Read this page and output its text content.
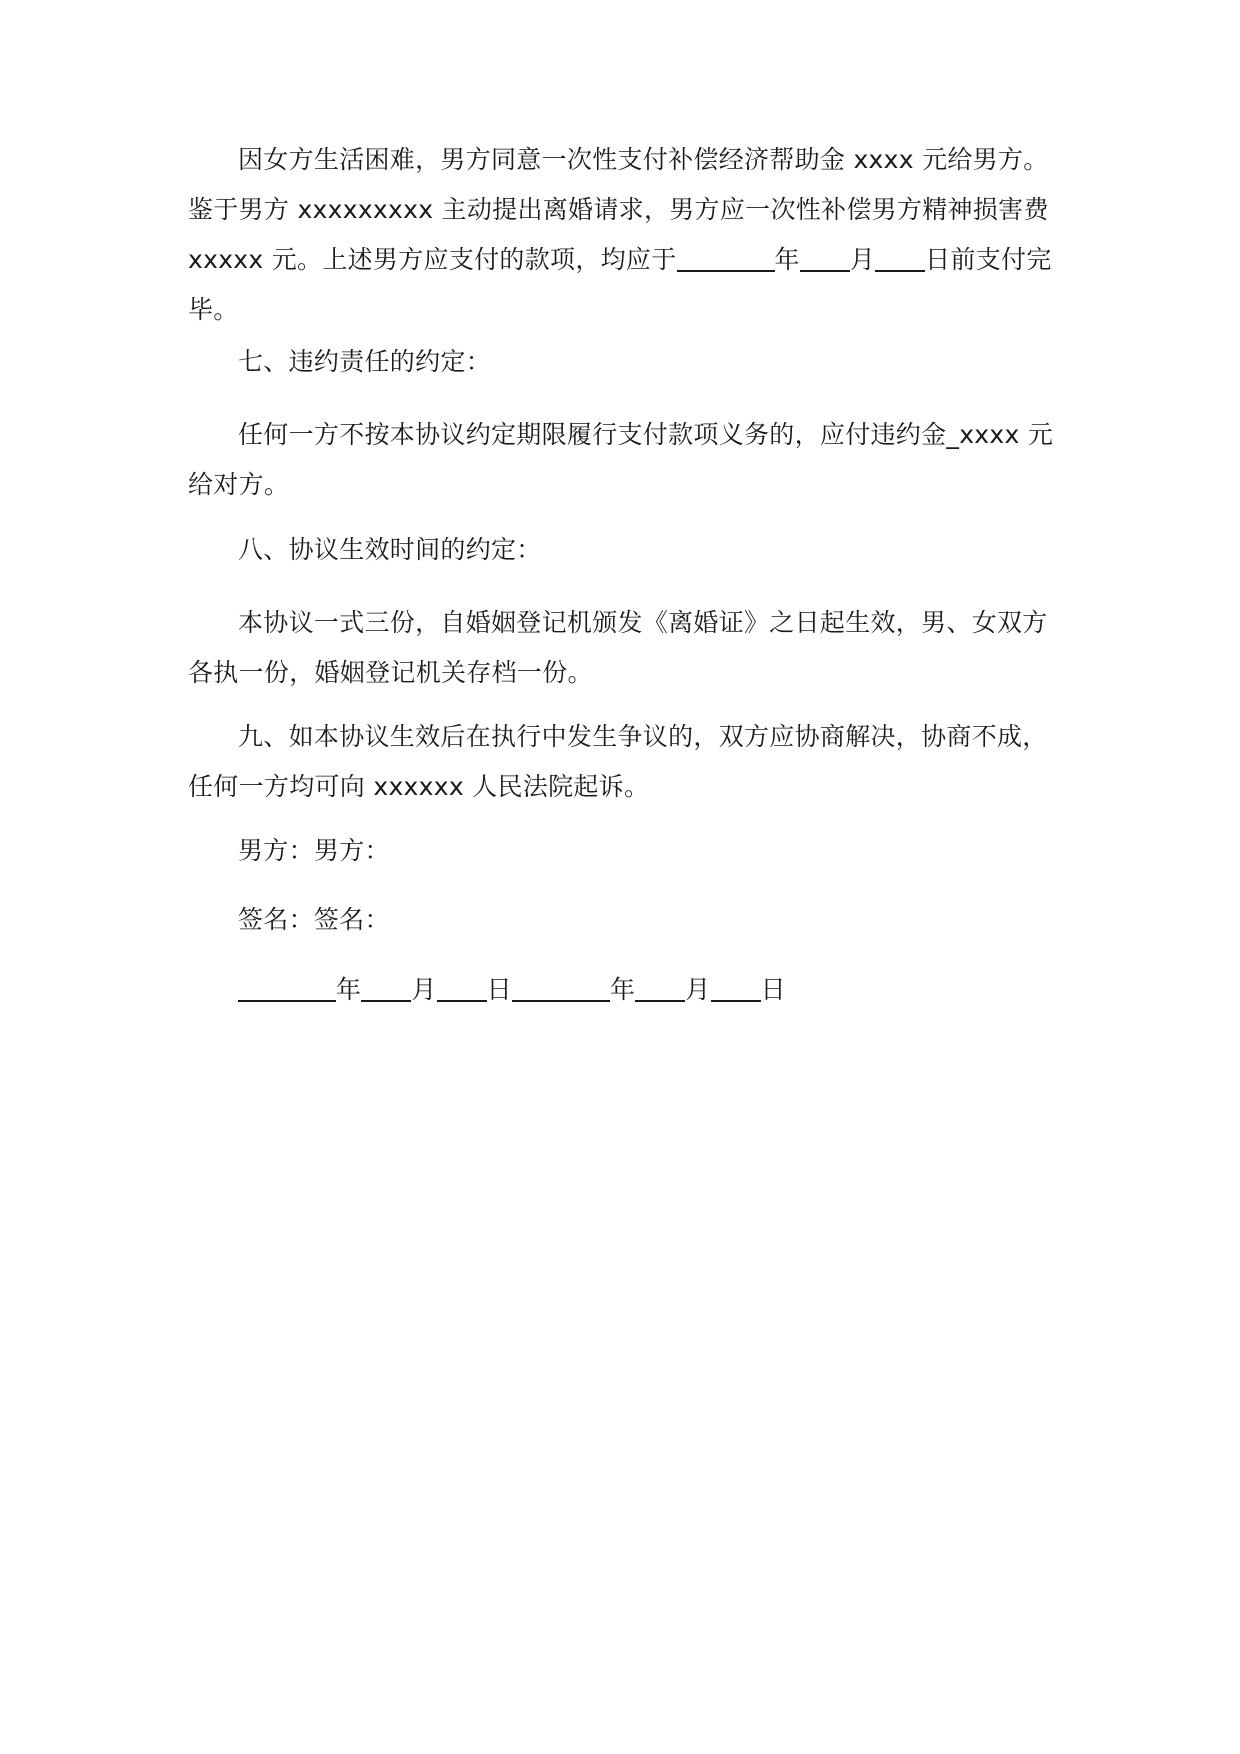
因女方生活困难，男方同意一次性支付补偿经济帮助金 xxxx 元给男方。鉴于男方 xxxxxxxxx 主动提出离婚请求，男方应一次性补偿男方精神损害费 xxxxx 元。上述男方应支付的款项，均应于	年 月 日前支付完毕。

七、违约责任的约定：

任何一方不按本协议约定期限履行支付款项义务的，应付违约金_xxxx 元给对方。

八、协议生效时间的约定：

本协议一式三份，自婚姻登记机颁发《离婚证》之日起生效，男、女双方各执一份，婚姻登记机关存档一份。

九、如本协议生效后在执行中发生争议的，双方应协商解决，协商不成，任何一方均可向 xxxxxx 人民法院起诉。

男方：男方：

签名：签名：

年 月 日	年 月 日
